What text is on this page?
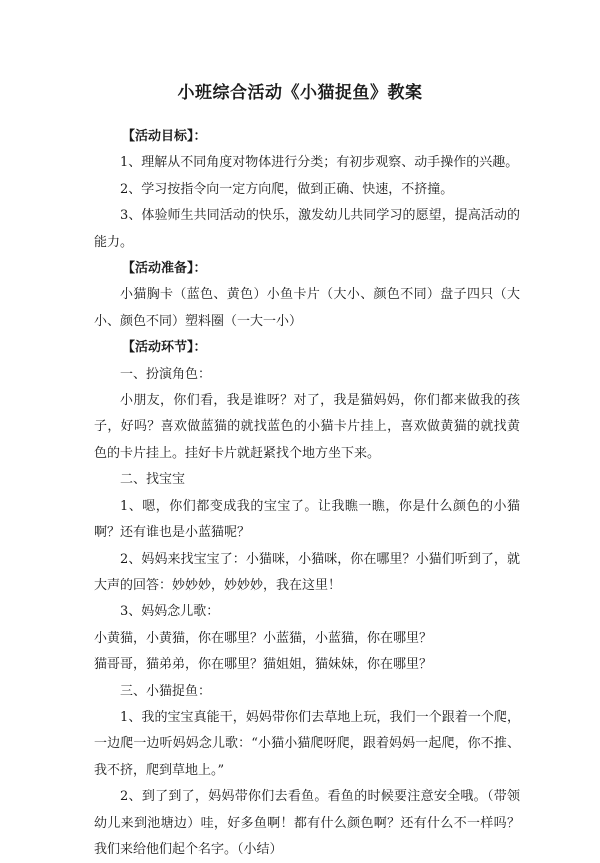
小班综合活动《小猫捉鱼》教案

【活动目标】：

1、理解从不同角度对物体进行分类；有初步观察、动手操作的兴趣。

2、学习按指令向一定方向爬，做到正确、快速，不挤撞。

3、体验师生共同活动的快乐，激发幼儿共同学习的愿望，提高活动的能力。

【活动准备】：

小猫胸卡（蓝色、黄色）小鱼卡片（大小、颜色不同）盘子四只（大小、颜色不同）塑料圈（一大一小）

【活动环节】：

一、扮演角色：

小朋友，你们看，我是谁呀？对了，我是猫妈妈，你们都来做我的孩子，好吗？喜欢做蓝猫的就找蓝色的小猫卡片挂上，喜欢做黄猫的就找黄色的卡片挂上。挂好卡片就赶紧找个地方坐下来。

二、找宝宝

1、嗯，你们都变成我的宝宝了。让我瞧一瞧，你是什么颜色的小猫啊？还有谁也是小蓝猫呢？

2、妈妈来找宝宝了：小猫咪，小猫咪，你在哪里？小猫们听到了，就大声的回答：妙妙妙，妙妙妙，我在这里！

3、妈妈念儿歌：

小黄猫，小黄猫，你在哪里？小蓝猫，小蓝猫，你在哪里？

猫哥哥，猫弟弟，你在哪里？猫姐姐，猫妹妹，你在哪里？

三、小猫捉鱼：

1、我的宝宝真能干，妈妈带你们去草地上玩，我们一个跟着一个爬，一边爬一边听妈妈念儿歌：“小猫小猫爬呀爬，跟着妈妈一起爬，你不推、我不挤，爬到草地上。”

2、到了到了，妈妈带你们去看鱼。看鱼的时候要注意安全哦。（带领幼儿来到池塘边）哇，好多鱼啊！都有什么颜色啊？还有什么不一样吗？我们来给他们起个名字。（小结）
